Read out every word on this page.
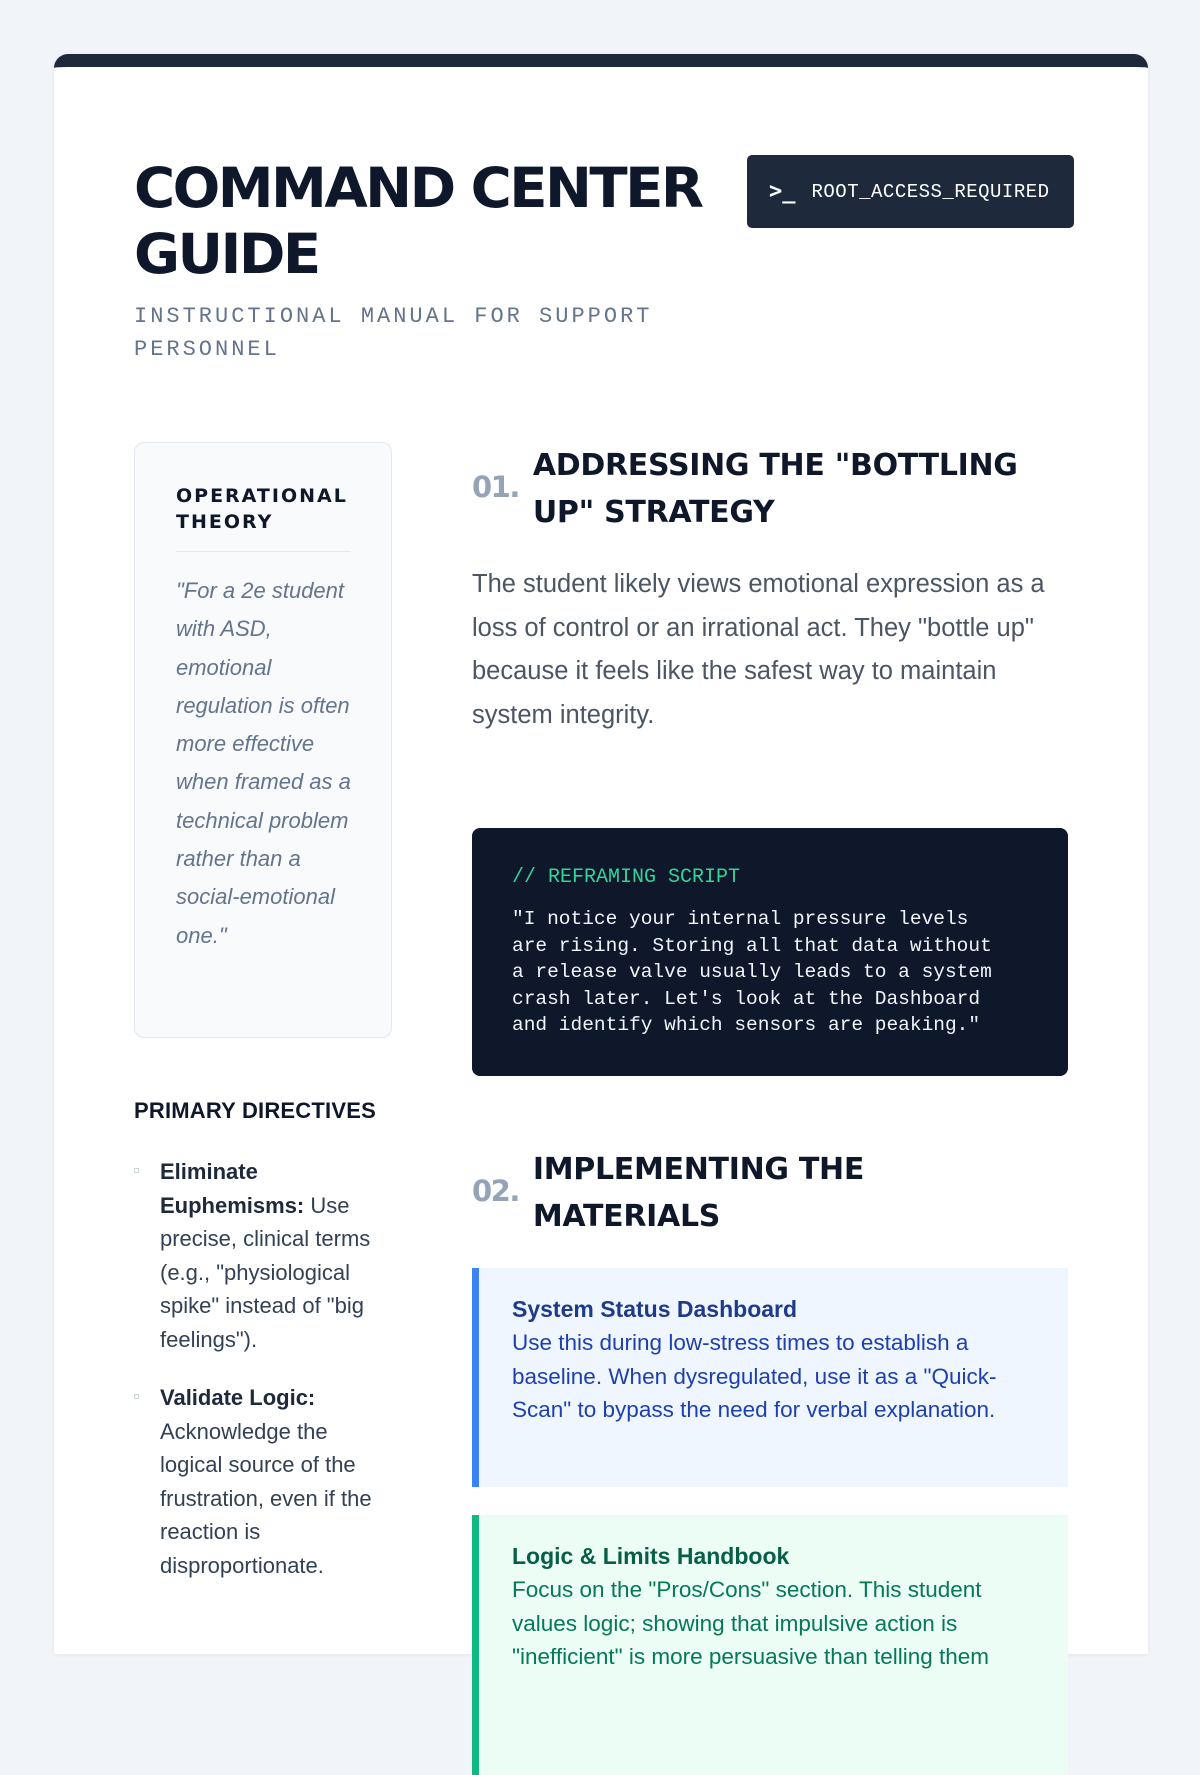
COMMAND CENTER GUIDE
INSTRUCTIONAL MANUAL FOR SUPPORT PERSONNEL
>_ ROOT_ACCESS_REQUIRED
OPERATIONAL THEORY
"For a 2e student with ASD, emotional regulation is often more effective when framed as a technical problem rather than a social-emotional one."
PRIMARY DIRECTIVES
Eliminate Euphemisms: Use precise, clinical terms (e.g., "physiological spike" instead of "big feelings").
Validate Logic: Acknowledge the logical source of the frustration, even if the reaction is disproportionate.
01.
ADDRESSING THE "BOTTLING UP" STRATEGY

The student likely views emotional expression as a loss of control or an irrational act. They "bottle up" because it feels like the safest way to maintain system integrity.

// REFRAMING SCRIPT
"I notice your internal pressure levels
are rising. Storing all that data without
a release valve usually leads to a system
crash later. Let's look at the Dashboard
and identify which sensors are peaking."
02.
IMPLEMENTING THE MATERIALS
System Status Dashboard
Use this during low-stress times to establish a baseline. When dysregulated, use it as a "Quick-Scan" to bypass the need for verbal explanation.
Logic & Limits Handbook
Focus on the "Pros/Cons" section. This student values logic; showing that impulsive action is "inefficient" is more persuasive than telling them
